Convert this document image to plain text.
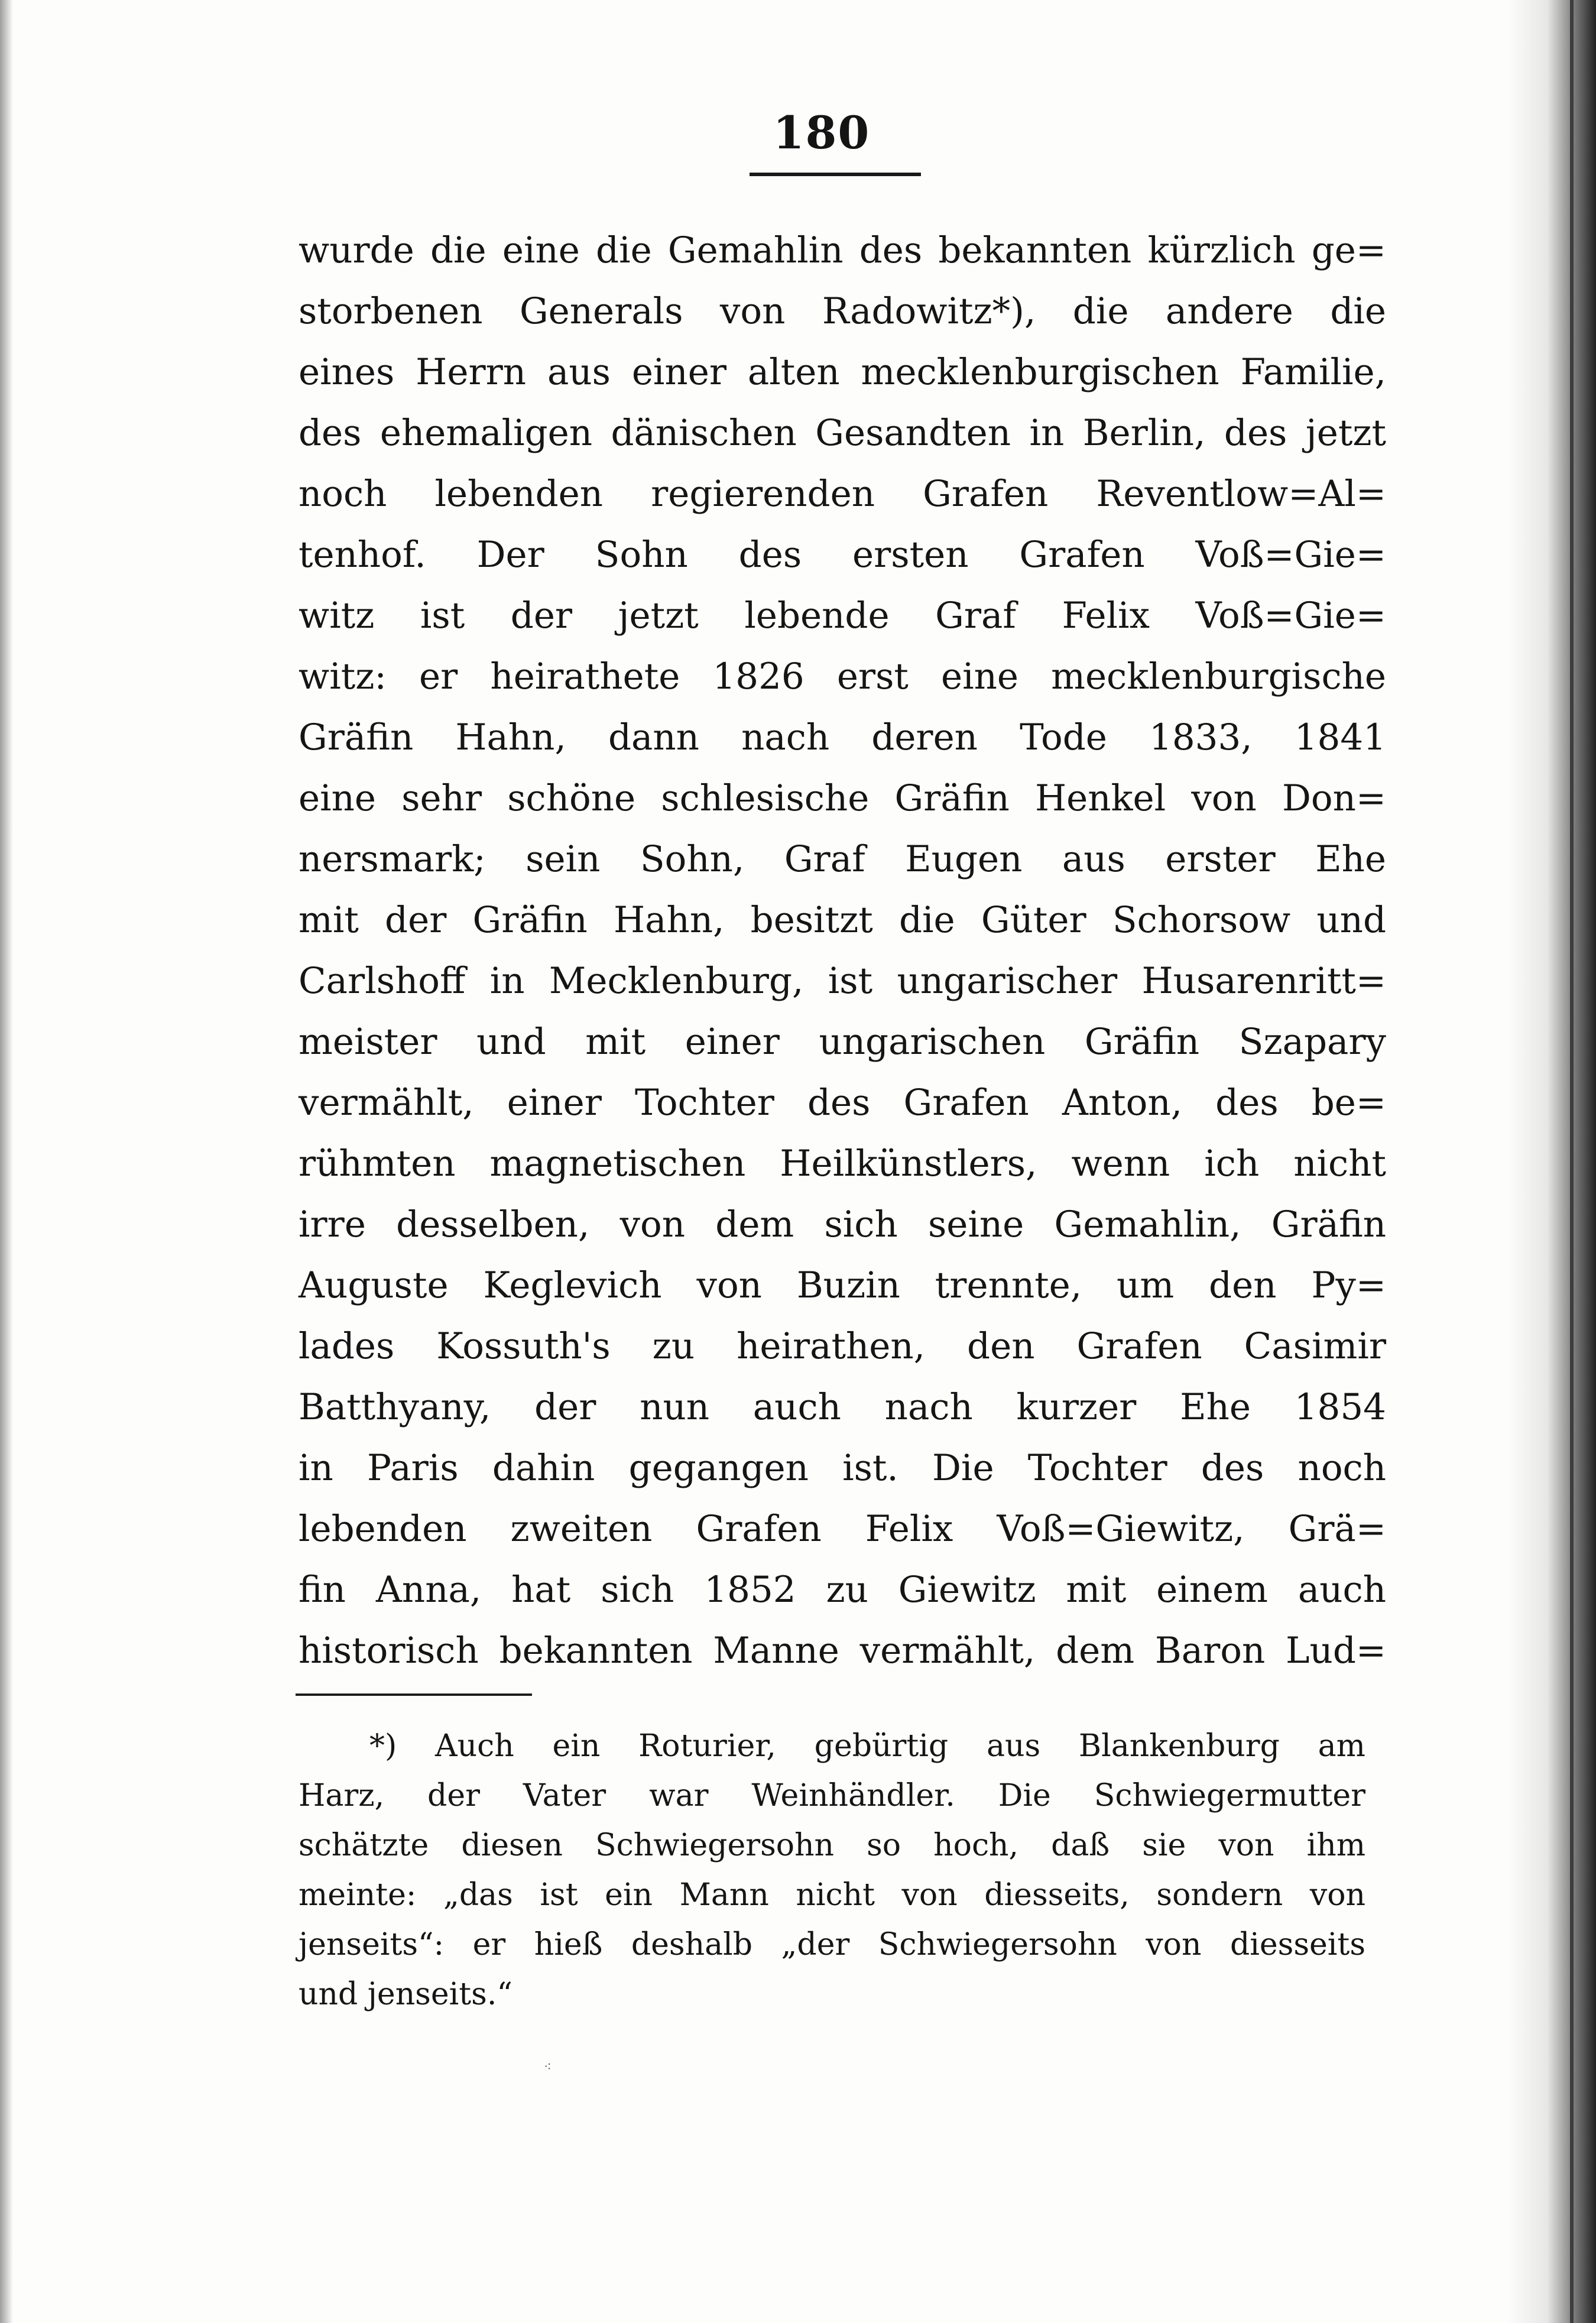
180
wurde die eine die Gemahlin des bekannten kürzlich ge=
storbenen Generals von Radowitz*), die andere die
eines Herrn aus einer alten mecklenburgischen Familie,
des ehemaligen dänischen Gesandten in Berlin, des jetzt
noch lebenden regierenden Grafen Reventlow=Al=
tenhof. Der Sohn des ersten Grafen Voß=Gie=
witz ist der jetzt lebende Graf Felix Voß=Gie=
witz: er heirathete 1826 erst eine mecklenburgische
Gräfin Hahn, dann nach deren Tode 1833, 1841
eine sehr schöne schlesische Gräfin Henkel von Don=
nersmark; sein Sohn, Graf Eugen aus erster Ehe
mit der Gräfin Hahn, besitzt die Güter Schorsow und
Carlshoff in Mecklenburg, ist ungarischer Husarenritt=
meister und mit einer ungarischen Gräfin Szapary
vermählt, einer Tochter des Grafen Anton, des be=
rühmten magnetischen Heilkünstlers, wenn ich nicht
irre desselben, von dem sich seine Gemahlin, Gräfin
Auguste Keglevich von Buzin trennte, um den Py=
lades Kossuth's zu heirathen, den Grafen Casimir
Batthyany, der nun auch nach kurzer Ehe 1854
in Paris dahin gegangen ist. Die Tochter des noch
lebenden zweiten Grafen Felix Voß=Giewitz, Grä=
fin Anna, hat sich 1852 zu Giewitz mit einem auch
historisch bekannten Manne vermählt, dem Baron Lud=
*) Auch ein Roturier, gebürtig aus Blankenburg am
Harz, der Vater war Weinhändler. Die Schwiegermutter
schätzte diesen Schwiegersohn so hoch, daß sie von ihm
meinte: „das ist ein Mann nicht von diesseits, sondern von
jenseits“: er hieß deshalb „der Schwiegersohn von diesseits
und jenseits.“
⁖
